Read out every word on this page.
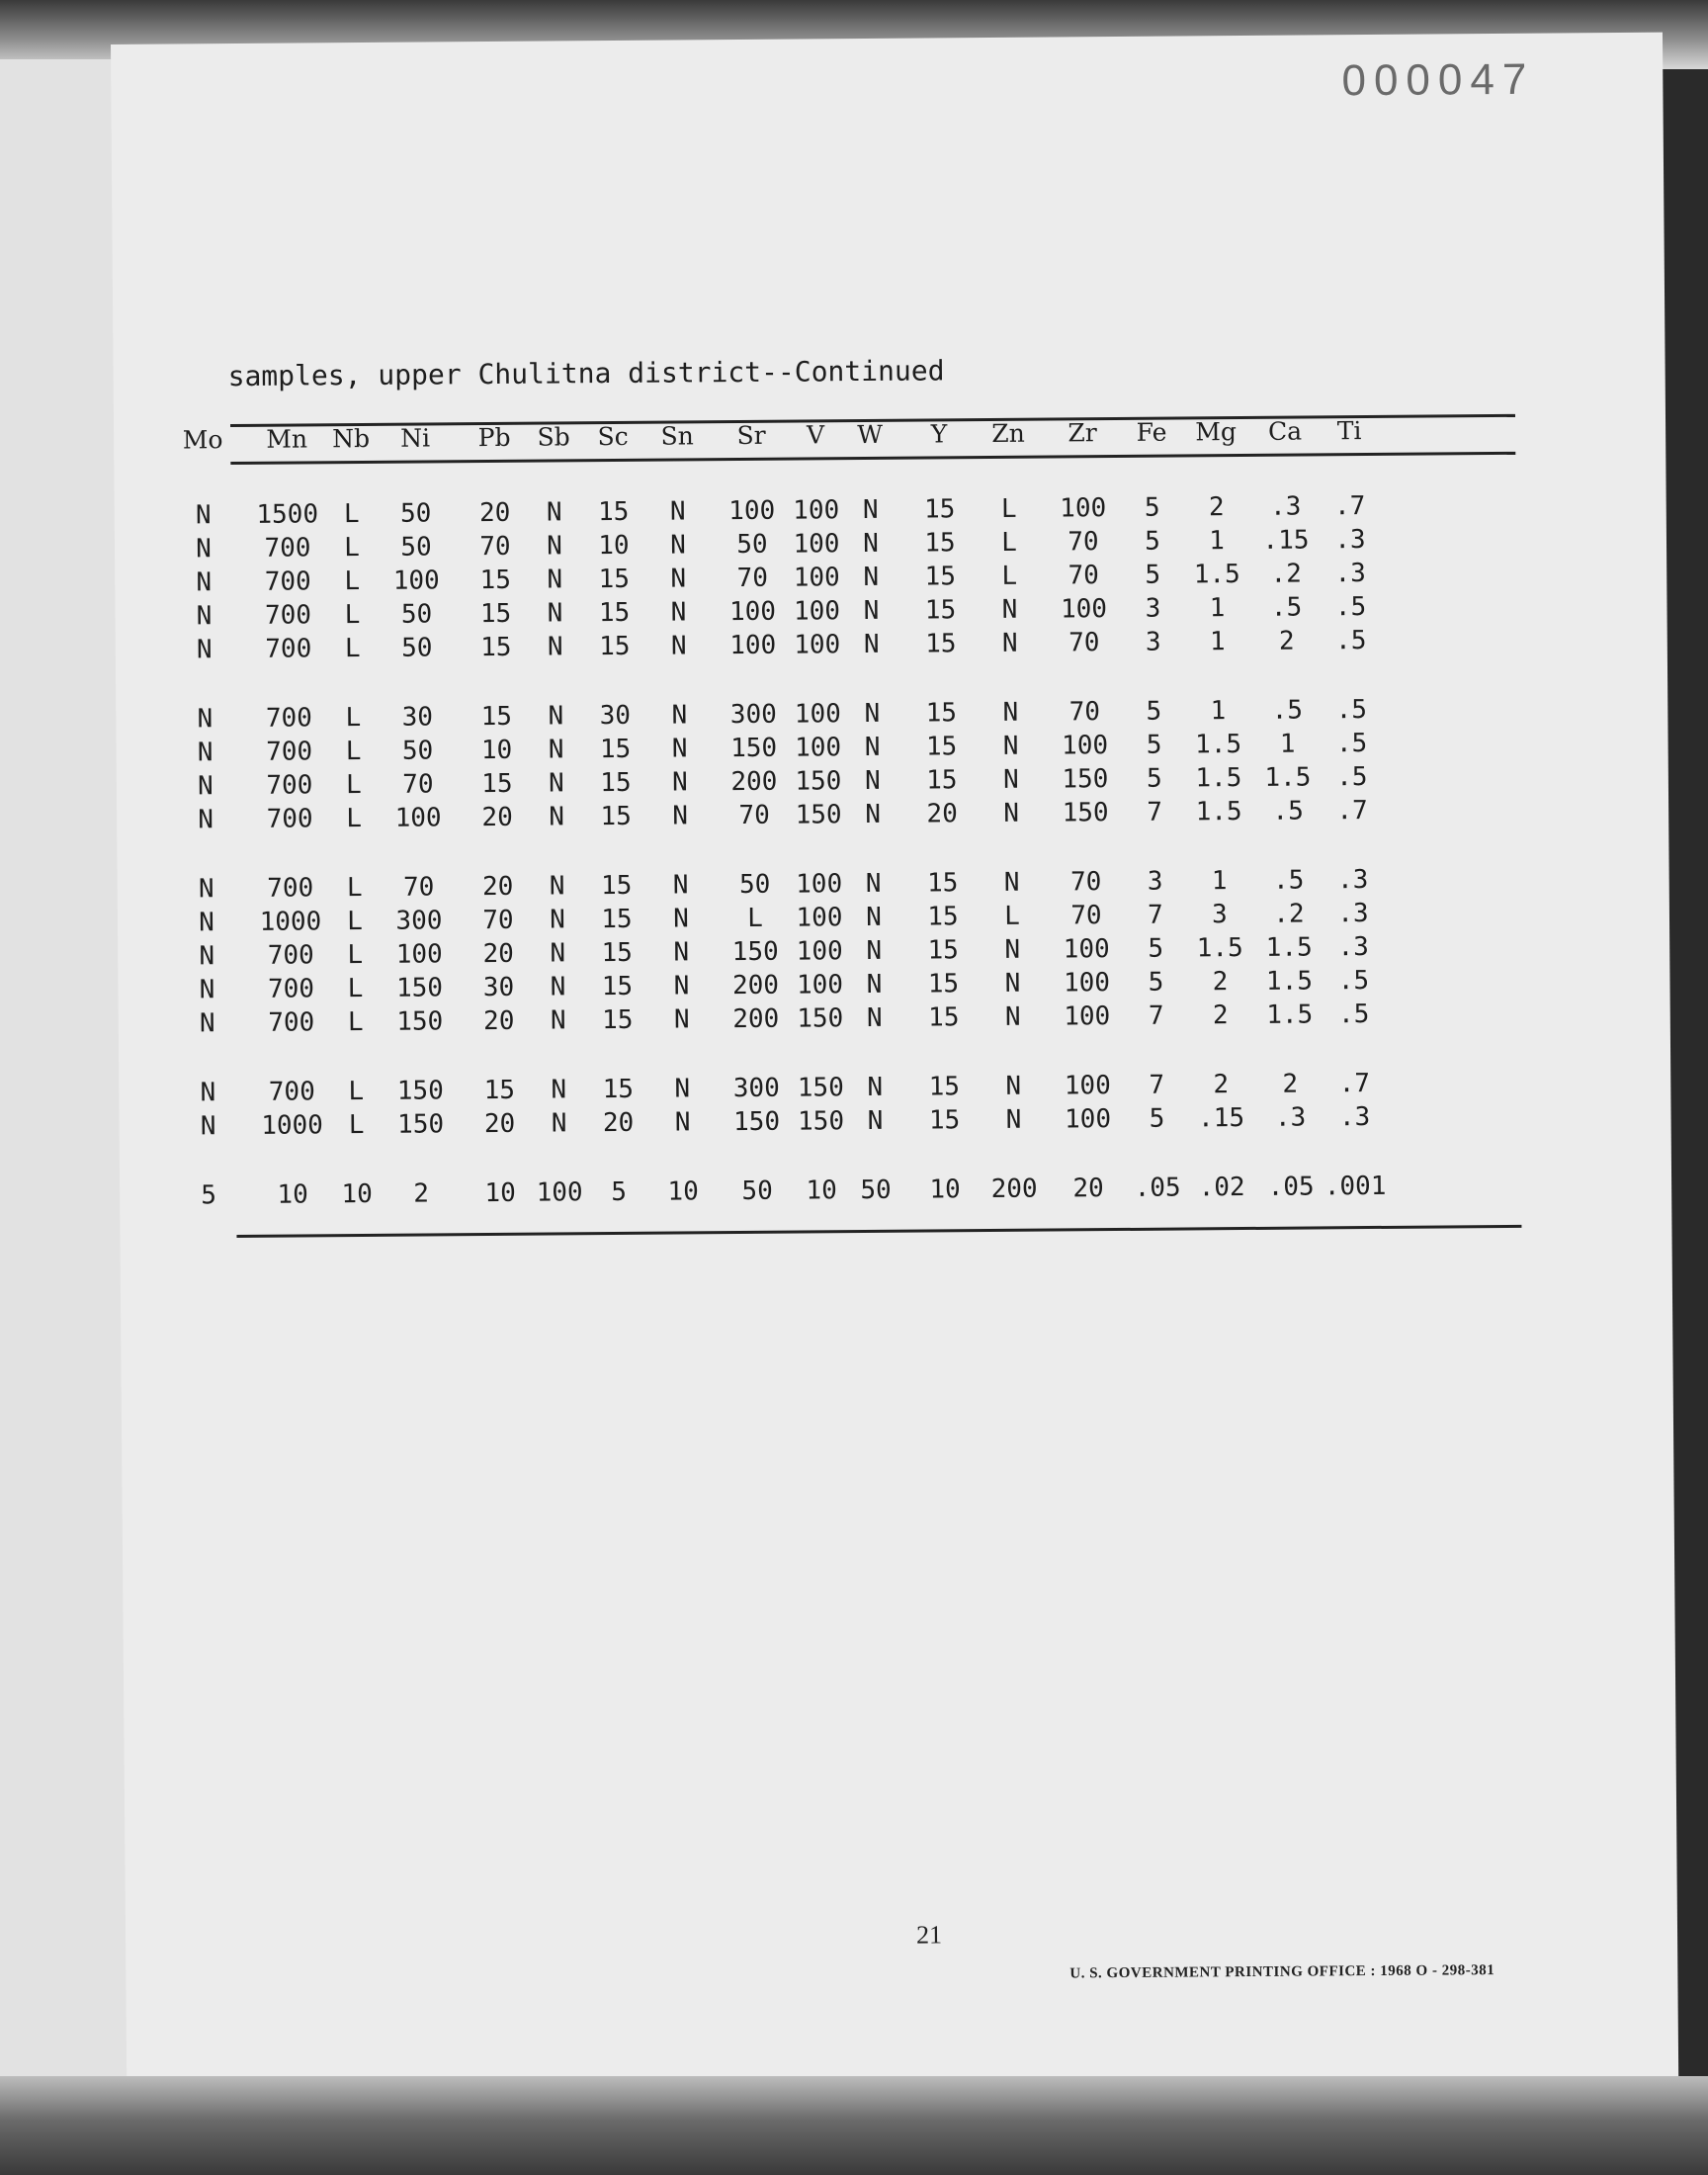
000047
samples, upper Chulitna district--Continued
Mo	Mn Nb	Ni	Pb	Sb	Sc	Sn	Sr	V	W	Y	Zn	Zr	Fe	Mg	Ca	Ti
N	1500 L	50	20	N	15	N	100 100 N	15	L	100	5	2	.3	.7
N	700	L	50	70	N	10	N	50 100 N	15	L	70	5	1	.15 .3
N	700	L	100	15	N	15	N	70 100 N	15	L	70	5	1.5	.2	.3
N	700	L	50	15	N	15	N	100 100 N	15	N	100	3	1	.5	.5
N	700	L	50	15	N	15	N	100 100 N	15	N	70	3	1	2	.5
N	700	L	30	15	N	30	N	300 100 N	15	N	70	5	1	.5	.5
N	700	L	50	10	N	15	N	150 100 N	15	N	100	5	1.5	1	.5
N	700	L	70	15	N	15	N	200 150 N	15	N	150	5	1.5 1.5 .5
N	700	L	100	20	N	15	N	70 150 N	20	N	150	7	1.5	.5	.7
N	700	L	70	20	N	15	N	50 100 N	15	N	70	3	1	.5	.3
N	1000 L	300	70	N	15	N	L	100 N	15	L	70	7	3	.2	.3
N	700	L	100	20	N	15	N	150 100 N	15	N	100	5	1.5 1.5 .3
N	700	L	150	30	N	15	N	200 100 N	15	N	100	5	2	1.5 .5
N	700	L	150	20	N	15	N	200 150 N	15	N	100	7	2	1.5 .5
N	700	L	150	15	N	15	N	300 150 N	15	N	100	7	2	2	.7
N	1000 L	150	20	N	20	N	150 150 N	15	N	100	5	.15	.3	.3
5	10	10	2	10 100	5	10	50	10 50	10	200	20	.05 .02 .05 .001
21
U. S. GOVERNMENT PRINTING OFFICE : 1968 O - 298-381
